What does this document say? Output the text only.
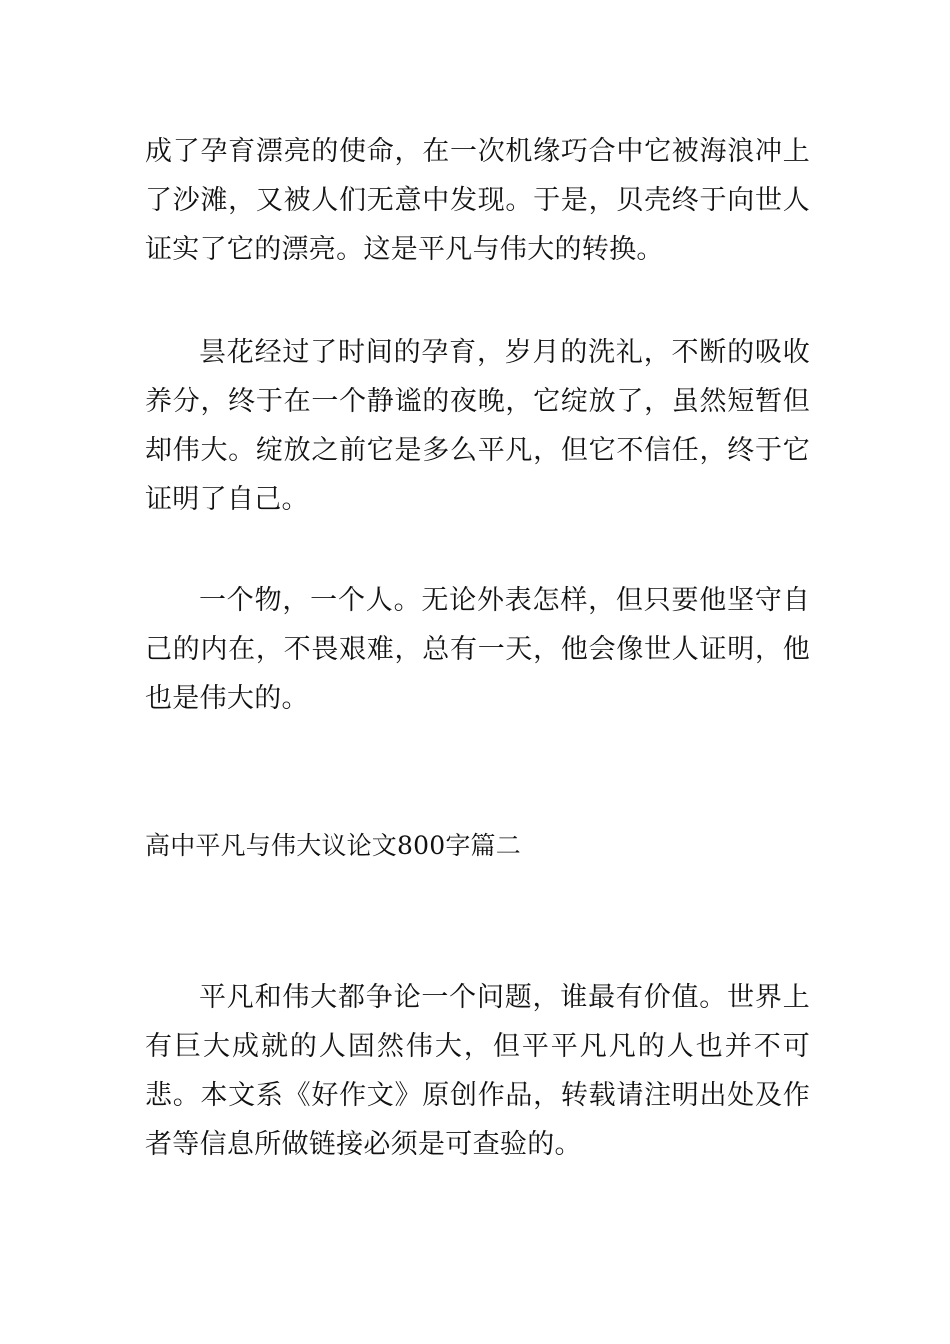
成了孕育漂亮的使命，在一次机缘巧合中它被海浪冲上了沙滩，又被人们无意中发现。于是，贝壳终于向世人证实了它的漂亮。这是平凡与伟大的转换。

昙花经过了时间的孕育，岁月的洗礼，不断的吸收养分，终于在一个静谧的夜晚，它绽放了，虽然短暂但却伟大。绽放之前它是多么平凡，但它不信任，终于它证明了自己。

一个物，一个人。无论外表怎样，但只要他坚守自己的内在，不畏艰难，总有一天，他会像世人证明，他也是伟大的。

高中平凡与伟大议论文800字篇二

平凡和伟大都争论一个问题，谁最有价值。世界上有巨大成就的人固然伟大，但平平凡凡的人也并不可悲。本文系《好作文》原创作品，转载请注明出处及作者等信息所做链接必须是可查验的。
